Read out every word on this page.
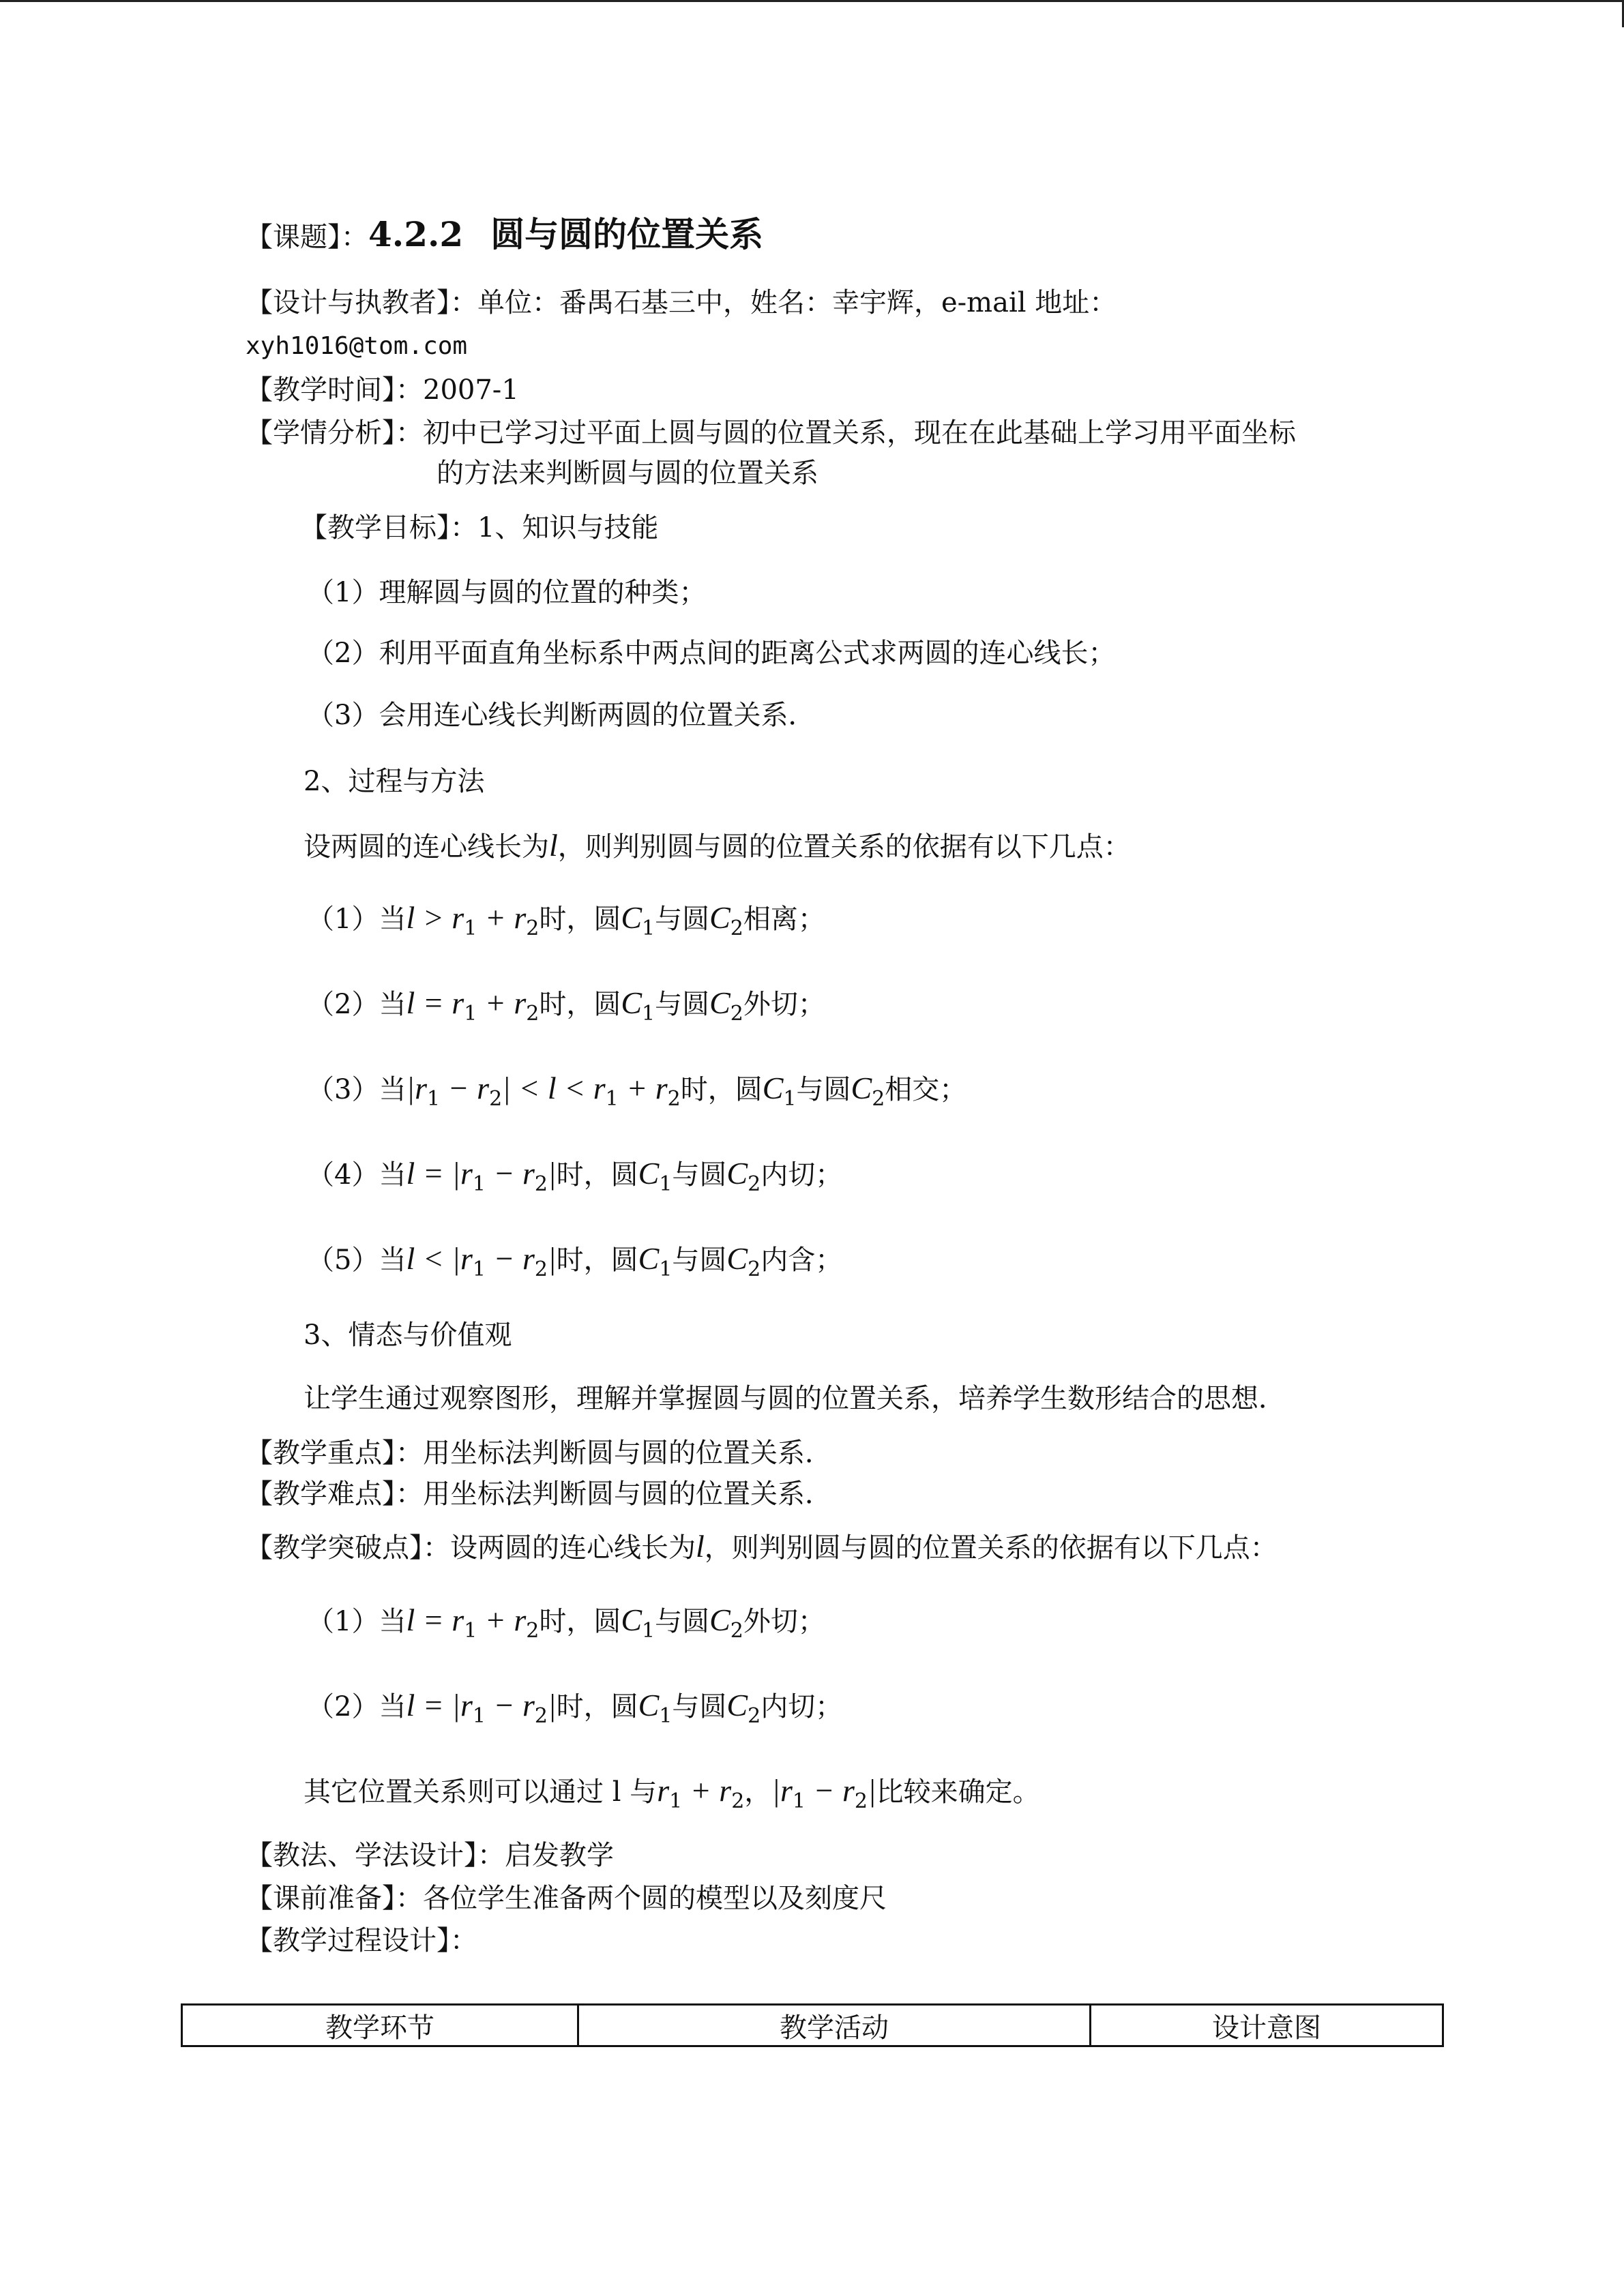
【课题】：4.2.2 圆与圆的位置关系
【设计与执教者】：单位：番禺石基三中，姓名：幸宇辉，e-mail 地址：
xyh1016@tom.com
【教学时间】：2007-1
【学情分析】：初中已学习过平面上圆与圆的位置关系，现在在此基础上学习用平面坐标
的方法来判断圆与圆的位置关系
【教学目标】：1、知识与技能
（1）理解圆与圆的位置的种类；
（2）利用平面直角坐标系中两点间的距离公式求两圆的连心线长；
（3）会用连心线长判断两圆的位置关系．
2、过程与方法
设两圆的连心线长为l，则判别圆与圆的位置关系的依据有以下几点：
（1）当$l > r_1 + r_2$时，圆$C_1$与圆$C_2$相离；
（2）当$l = r_1 + r_2$时，圆$C_1$与圆$C_2$外切；
（3）当$|r_1 - r_2| < l < r_1 + r_2$时，圆$C_1$与圆$C_2$相交；
（4）当$l = |r_1 - r_2|$时，圆$C_1$与圆$C_2$内切；
（5）当$l < |r_1 - r_2|$时，圆$C_1$与圆$C_2$内含；
3、情态与价值观
让学生通过观察图形，理解并掌握圆与圆的位置关系，培养学生数形结合的思想．
【教学重点】：用坐标法判断圆与圆的位置关系．
【教学难点】：用坐标法判断圆与圆的位置关系．
【教学突破点】：设两圆的连心线长为l，则判别圆与圆的位置关系的依据有以下几点：
（1）当$l = r_1 + r_2$时，圆$C_1$与圆$C_2$外切；
（2）当$l = |r_1 - r_2|$时，圆$C_1$与圆$C_2$内切；
其它位置关系则可以通过 l 与$r_1 + r_2$，$|r_1 - r_2|$比较来确定。
【教法、学法设计】：启发教学
【课前准备】：各位学生准备两个圆的模型以及刻度尺
【教学过程设计】：
教学环节	教学活动	设计意图
